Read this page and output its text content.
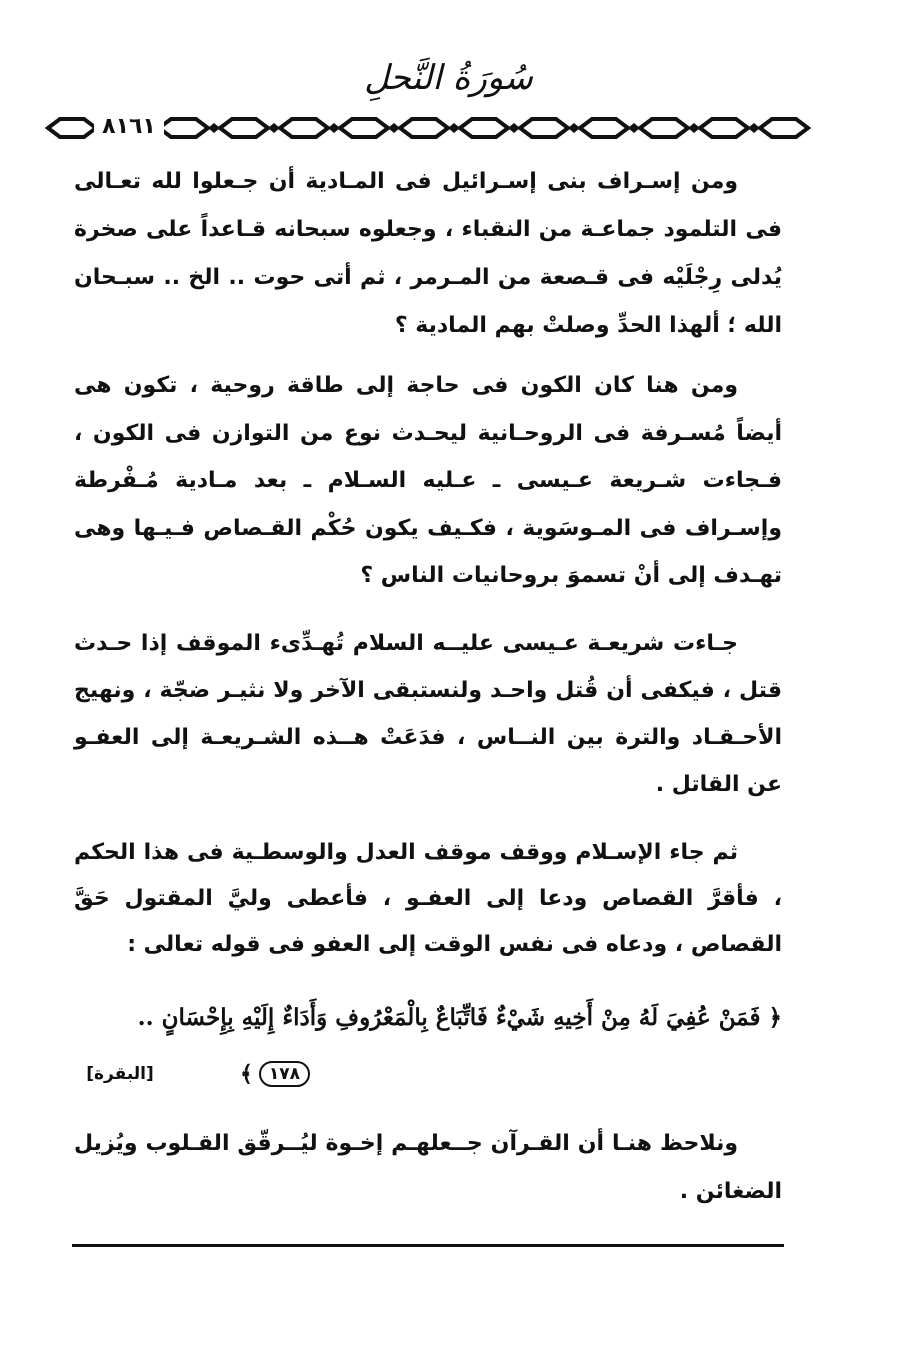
سُورَةُ النَّحلِ
٨١٦١

ومن إسـراف بنى إسـرائيل فى المـادية أن جـعلوا لله تعـالى فى التلمود جماعـة من النقباء ، وجعلوه سبحانه قـاعداً على صخرة يُدلى رِجْلَيْه فى قـصعة من المـرمر ، ثم أتى حوت .. الخ .. سبـحان الله ؛ ألهذا الحدِّ وصلتْ بهم المادية ؟

ومن هنا كان الكون فى حاجة إلى طاقة روحية ، تكون هى أيضاً مُسـرفة فى الروحـانية ليحـدث نوع من التوازن فى الكون ، فـجاءت شـريعة عـيسى ـ عـليه السـلام ـ بعد مـادية مُـفْرطة وإسـراف فى المـوسَوية ، فكـيف يكون حُكْم القـصاص فـيـها وهى تهـدف إلى أنْ تسموَ بروحانيات الناس ؟

جـاءت شريعـة عـيسى عليــه السلام تُهـدِّىء الموقف إذا حـدث قتل ، فيكفى أن قُتل واحـد ولنستبقى الآخر ولا نثيـر ضجّة ، ونهيج الأحـقـاد والترة بين النــاس ، فدَعَتْ هــذه الشـريعـة إلى العفـو عن القاتل .

ثم جاء الإسـلام ووقف موقف العدل والوسطـية فى هذا الحكم ، فأقرَّ القصاص ودعا إلى العفـو ، فأعطى وليَّ المقتول حَقَّ القصاص ، ودعاه فى نفس الوقت إلى العفو فى قوله تعالى :

﴿ فَمَنْ عُفِيَ لَهُ مِنْ أَخِيهِ شَيْءٌ فَاتِّبَاعٌ بِالْمَعْرُوفِ وَأَدَاءٌ إِلَيْهِ بِإِحْسَانٍ ..
١٧٨
﴾
[البقرة]

ونلاحظ هنـا أن القـرآن جــعلهـم إخـوة ليُــرقّق القـلوب ويُزيل الضغائن .
